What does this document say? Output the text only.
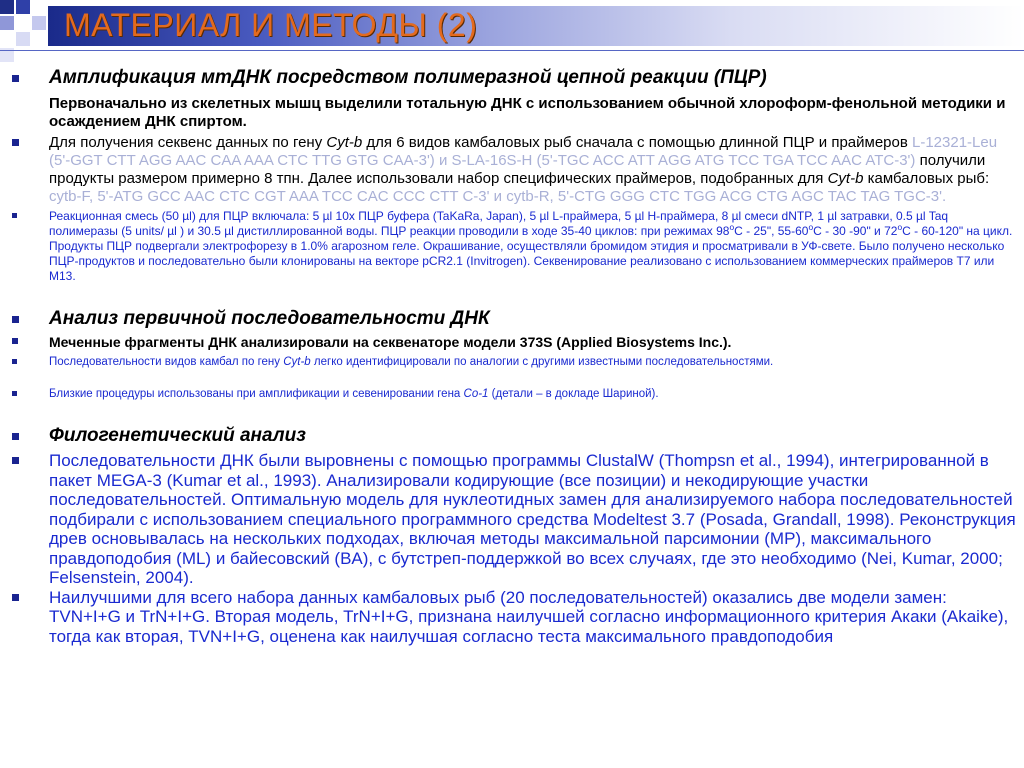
МАТЕРИАЛ И МЕТОДЫ (2)
Амплификация мтДНК посредством полимеразной цепной реакции (ПЦР)
Первоначально из скелетных мышц выделили тотальную ДНК с использованием обычной хлороформ-фенольной методики и осаждением ДНК спиртом.
Для получения секвенс данных по гену Cyt-b для 6 видов камбаловых рыб сначала с помощью длинной ПЦР и праймеров L-12321-Leu (5'-GGT CTT AGG AAC CAA AAA CTC TTG GTG CAA-3') и S-LA-16S-H (5'-TGC ACC ATT AGG ATG TCC TGA TCC AAC ATC-3') получили продукты размером примерно 8 тпн. Далее использовали набор специфических праймеров, подобранных для Cyt-b камбаловых рыб: cytb-F, 5'-ATG GCC AAC CTC CGT AAA TCC CAC CCC CTT C-3' и cytb-R, 5'-CTG GGG CTC TGG ACG CTG AGC TAC TAG TGC-3'.
Реакционная смесь (50 µl) для ПЦР включала: 5 µl 10х ПЦР буфера (TaKaRa, Japan), 5 µl L-праймера, 5 µl H-праймера, 8 µl смеси dNTP, 1 µl затравки, 0.5 µl Taq полимеразы (5 units/ µl ) и 30.5 µl дистиллированной воды. ПЦР реакции проводили в ходе 35-40 циклов: при режимах 98$^o$С - 25", 55-60$^o$С - 30 -90" и 72$^o$С - 60-120" на цикл. Продукты ПЦР подвергали электрофорезу в 1.0% агарозном геле. Окрашивание, осуществляли бромидом этидия и просматривали в УФ-свете. Было получено несколько ПЦР-продуктов и последовательно были клонированы на векторе pCR2.1 (Invitrogen). Секвенирование реализовано с использованием коммерческих праймеров Т7 или М13.
Анализ первичной последовательности ДНК
Меченные фрагменты ДНК анализировали на секвенаторе модели 373S (Applied Biosystems Inc.).
Последовательности видов камбал по гену Cyt-b легко идентифицировали по аналогии с другими известными последовательностями.
Близкие процедуры использованы при амплификации и севенировании гена Co-1 (детали – в докладе Шариной).
Филогенетический анализ
Последовательности ДНК были выровнены с помощью программы ClustalW (Thompsn et al., 1994), интегрированной в пакет MEGA-3 (Kumar et al., 1993). Анализировали кодирующие (все позиции) и некодирующие участки последовательностей. Оптимальную модель для нуклеотидных замен для анализируемого набора последовательностей подбирали с использованием специального программного средства Modeltest 3.7 (Posada, Grandall, 1998). Реконструкция древ основывалась на нескольких подходах, включая методы максимальной парсимонии (MP), максимального правдоподобия (ML) и байесовский (BA), с бутстреп-поддержкой во всех случаях, где это необходимо (Nei, Kumar, 2000; Felsenstein, 2004).
Наилучшими для всего набора данных камбаловых рыб (20 последовательностей) оказались две модели замен: TVN+I+G и TrN+I+G. Вторая модель, TrN+I+G, признана наилучшей согласно информационного критерия Акаки (Akaike), тогда как вторая, TVN+I+G, оценена как наилучшая согласно теста максимального правдоподобия
